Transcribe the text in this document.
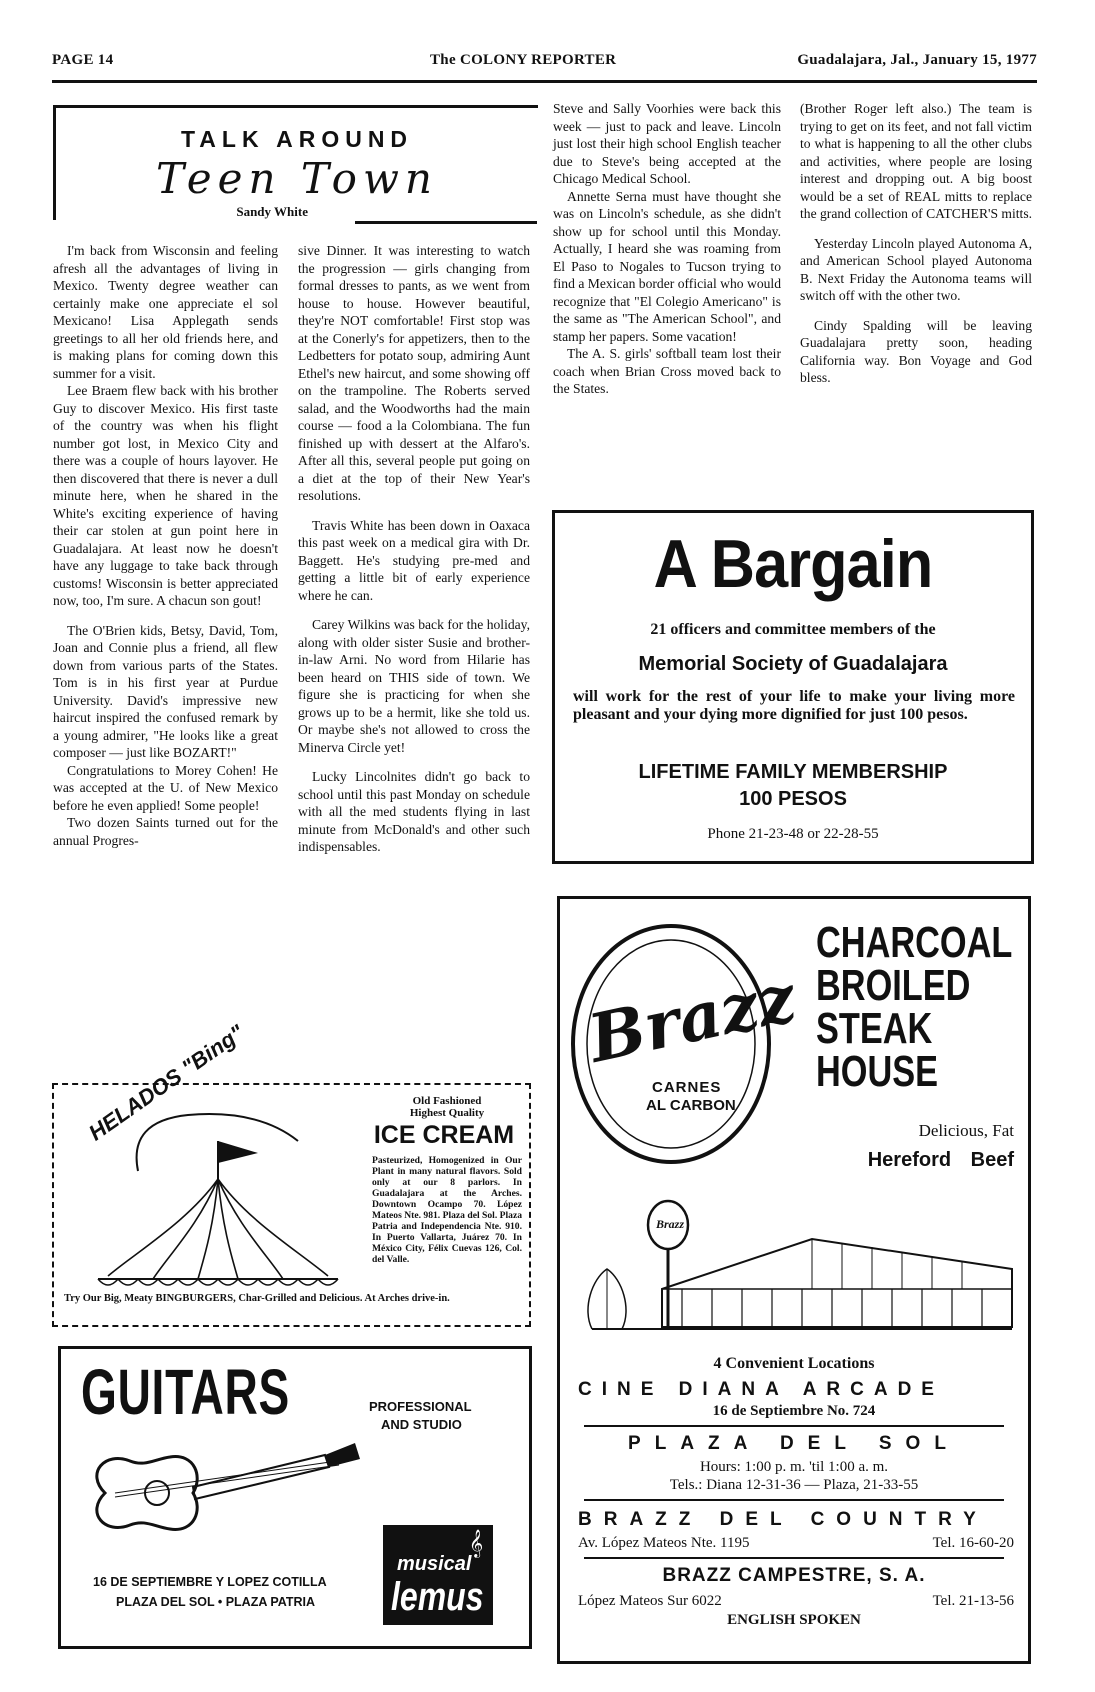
PAGE 14	The COLONY REPORTER	Guadalajara, Jal., January 15, 1977
TALK AROUND
Teen Town
Sandy White

I'm back from Wisconsin and feeling afresh all the advantages of living in Mexico. Twenty degree weather can certainly make one appreciate el sol Mexicano! Lisa Applegath sends greetings to all her old friends here, and is making plans for coming down this summer for a visit.

Lee Braem flew back with his brother Guy to discover Mexico. His first taste of the country was when his flight number got lost, in Mexico City and there was a couple of hours layover. He then discovered that there is never a dull minute here, when he shared in the White's exciting experience of having their car stolen at gun point here in Guadalajara. At least now he doesn't have any luggage to take back through customs! Wisconsin is better appreciated now, too, I'm sure. A chacun son gout!

The O'Brien kids, Betsy, David, Tom, Joan and Connie plus a friend, all flew down from various parts of the States. Tom is in his first year at Purdue University. David's impressive new haircut inspired the confused remark by a young admirer, "He looks like a great composer — just like BOZART!"

Congratulations to Morey Cohen! He was accepted at the U. of New Mexico before he even applied! Some people!

Two dozen Saints turned out for the annual Progres-

sive Dinner. It was interesting to watch the progression — girls changing from formal dresses to pants, as we went from house to house. However beautiful, they're NOT comfortable! First stop was at the Conerly's for appetizers, then to the Ledbetters for potato soup, admiring Aunt Ethel's new haircut, and some showing off on the trampoline. The Roberts served salad, and the Woodworths had the main course — food a la Colombiana. The fun finished up with dessert at the Alfaro's. After all this, several people put going on a diet at the top of their New Year's resolutions.

Travis White has been down in Oaxaca this past week on a medical gira with Dr. Baggett. He's studying pre-med and getting a little bit of early experience where he can.

Carey Wilkins was back for the holiday, along with older sister Susie and brother-in-law Arni. No word from Hilarie has been heard on THIS side of town. We figure she is practicing for when she grows up to be a hermit, like she told us. Or maybe she's not allowed to cross the Minerva Circle yet!

Lucky Lincolnites didn't go back to school until this past Monday on schedule with all the med students flying in last minute from McDonald's and other such indispensables.

Steve and Sally Voorhies were back this week — just to pack and leave. Lincoln just lost their high school English teacher due to Steve's being accepted at the Chicago Medical School.

Annette Serna must have thought she was on Lincoln's schedule, as she didn't show up for school until this Monday. Actually, I heard she was roaming from El Paso to Nogales to Tucson trying to find a Mexican border official who would recognize that "El Colegio Americano" is the same as "The American School", and stamp her papers. Some vacation!

The A. S. girls' softball team lost their coach when Brian Cross moved back to the States.

(Brother Roger left also.) The team is trying to get on its feet, and not fall victim to what is happening to all the other clubs and activities, where people are losing interest and dropping out. A big boost would be a set of REAL mitts to replace the grand collection of CATCHER'S mitts.

Yesterday Lincoln played Autonoma A, and American School played Autonoma B. Next Friday the Autonoma teams will switch off with the other two.

Cindy Spalding will be leaving Guadalajara pretty soon, heading California way. Bon Voyage and God bless.

A Bargain
21 officers and committee members of the
Memorial Society of Guadalajara
will work for the rest of your life to make your living more pleasant and your dying more dignified for just 100 pesos.
LIFETIME FAMILY MEMBERSHIP
100 PESOS
Phone 21-23-48 or 22-28-55
HELADOS "Bing"	Old Fashioned
Highest Quality
ICE CREAM
Pasteurized, Homogenized in Our Plant in many natural flavors. Sold only at our 8 parlors. In Guadalajara at the Arches. Downtown Ocampo 70. López Mateos Nte. 981. Plaza del Sol. Plaza Patria and Independencia Nte. 910. In Puerto Vallarta, Juárez 70. In México City, Félix Cuevas 126, Col. del Valle.
Try Our Big, Meaty BINGBURGERS, Char-Grilled and Delicious. At Arches drive-in.
GUITARS	PROFESSIONAL
AND STUDIO
16 DE SEPTIEMBRE Y LOPEZ COTILLA
PLAZA DEL SOL • PLAZA PATRIA
musical
lemus
𝄞
Brazz
CARNES
AL CARBON
CHARCOAL
BROILED
STEAK
HOUSE
Delicious, Fat
Hereford Beef
Brazz
4 Convenient Locations
CINE DIANA ARCADE
16 de Septiembre No. 724
PLAZA DEL SOL
Hours: 1:00 p. m. 'til 1:00 a. m.
Tels.: Diana 12-31-36 — Plaza, 21-33-55
BRAZZ DEL COUNTRY
Av. López Mateos Nte. 1195	Tel. 16-60-20
BRAZZ CAMPESTRE, S. A.
López Mateos Sur 6022	Tel. 21-13-56
ENGLISH SPOKEN
